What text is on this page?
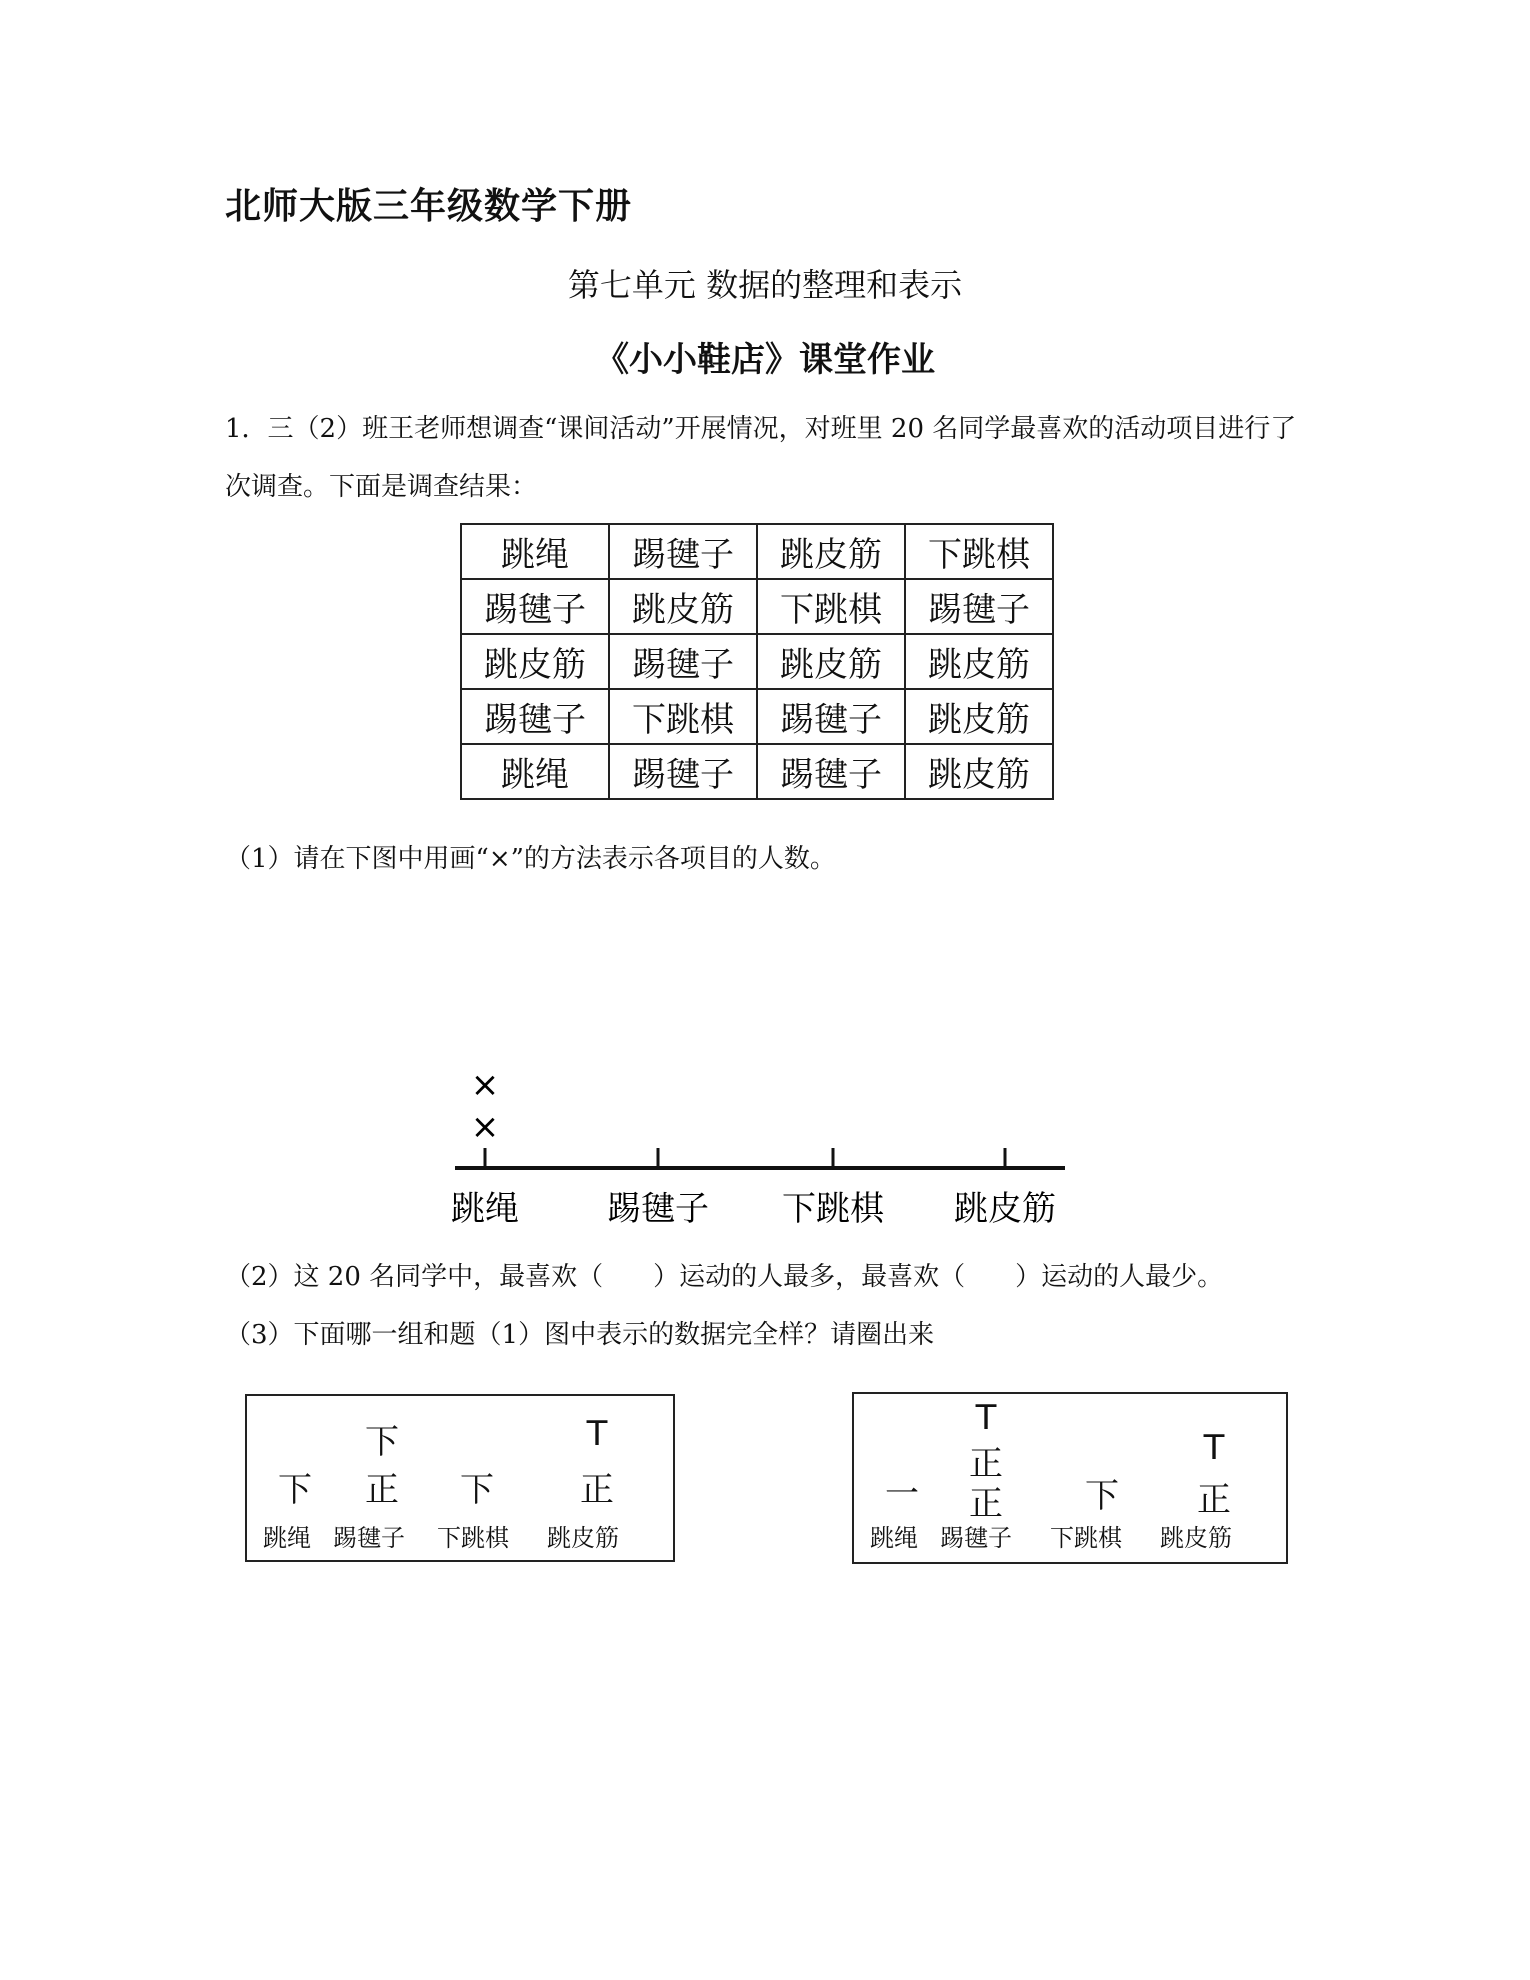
北师大版三年级数学下册
第七单元 数据的整理和表示
《小小鞋店》课堂作业
1．三（2）班王老师想调查“课间活动”开展情况，对班里 20 名同学最喜欢的活动项目进行了次调查。下面是调查结果：
跳绳	踢毽子	跳皮筋	下跳棋
踢毽子	跳皮筋	下跳棋	踢毽子
跳皮筋	踢毽子	跳皮筋	跳皮筋
踢毽子	下跳棋	踢毽子	跳皮筋
跳绳	踢毽子	踢毽子	跳皮筋
（1）请在下图中用画“×”的方法表示各项目的人数。
跳绳
×
×
踢毽子 下跳棋 跳皮筋
（2）这 20 名同学中，最喜欢（ ）运动的人最多，最喜欢（ ）运动的人最少。
（3）下面哪一组和题（1）图中表示的数据完全样？请圈出来
下	T
下	正	下	正
跳绳 踢毽子 下跳棋 跳皮筋
T
正	T
一	正	下	正
跳绳 踢毽子 下跳棋 跳皮筋
